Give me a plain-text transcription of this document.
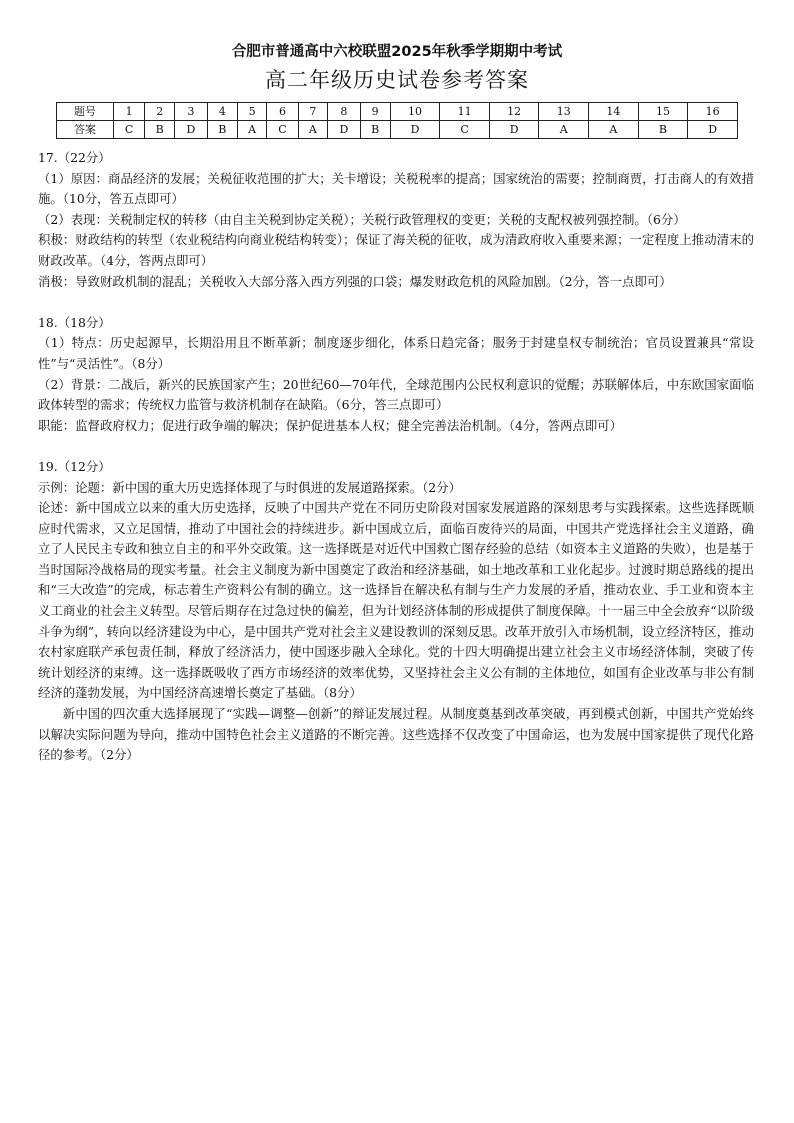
合肥市普通高中六校联盟2025年秋季学期期中考试
高二年级历史试卷参考答案
题号	1	2	3	4	5	6	7	8	9	10	11	12	13	14	15	16
答案	C	B	D	B	A	C	A	D	B	D	C	D	A	A	B	D

17.（22分）

（1）原因：商品经济的发展；关税征收范围的扩大；关卡增设；关税税率的提高；国家统治的需要；控制商贾，打击商人的有效措施。（10分，答五点即可）

（2）表现：关税制定权的转移（由自主关税到协定关税）；关税行政管理权的变更；关税的支配权被列强控制。（6分）

积极：财政结构的转型（农业税结构向商业税结构转变）；保证了海关税的征收，成为清政府收入重要来源；一定程度上推动清末的财政改革。（4分，答两点即可）

消极：导致财政机制的混乱；关税收入大部分落入西方列强的口袋；爆发财政危机的风险加剧。（2分，答一点即可）

18.（18分）

（1）特点：历史起源早，长期沿用且不断革新；制度逐步细化，体系日趋完备；服务于封建皇权专制统治；官员设置兼具“常设性”与“灵活性”。（8分）

（2）背景：二战后，新兴的民族国家产生；20世纪60—70年代，全球范围内公民权利意识的觉醒；苏联解体后，中东欧国家面临政体转型的需求；传统权力监管与救济机制存在缺陷。（6分，答三点即可）

职能：监督政府权力；促进行政争端的解决；保护促进基本人权；健全完善法治机制。（4分，答两点即可）

19.（12分）

示例：论题：新中国的重大历史选择体现了与时俱进的发展道路探索。（2分）

论述：新中国成立以来的重大历史选择，反映了中国共产党在不同历史阶段对国家发展道路的深刻思考与实践探索。这些选择既顺应时代需求，又立足国情，推动了中国社会的持续进步。新中国成立后，面临百废待兴的局面，中国共产党选择社会主义道路，确立了人民民主专政和独立自主的和平外交政策。这一选择既是对近代中国救亡图存经验的总结（如资本主义道路的失败），也是基于当时国际冷战格局的现实考量。社会主义制度为新中国奠定了政治和经济基础，如土地改革和工业化起步。过渡时期总路线的提出和“三大改造”的完成，标志着生产资料公有制的确立。这一选择旨在解决私有制与生产力发展的矛盾，推动农业、手工业和资本主义工商业的社会主义转型。尽管后期存在过急过快的偏差，但为计划经济体制的形成提供了制度保障。十一届三中全会放弃“以阶级斗争为纲”，转向以经济建设为中心，是中国共产党对社会主义建设教训的深刻反思。改革开放引入市场机制，设立经济特区，推动农村家庭联产承包责任制，释放了经济活力，使中国逐步融入全球化。党的十四大明确提出建立社会主义市场经济体制，突破了传统计划经济的束缚。这一选择既吸收了西方市场经济的效率优势，又坚持社会主义公有制的主体地位，如国有企业改革与非公有制经济的蓬勃发展，为中国经济高速增长奠定了基础。（8分）

新中国的四次重大选择展现了“实践—调整—创新”的辩证发展过程。从制度奠基到改革突破，再到模式创新，中国共产党始终以解决实际问题为导向，推动中国特色社会主义道路的不断完善。这些选择不仅改变了中国命运，也为发展中国家提供了现代化路径的参考。（2分）
